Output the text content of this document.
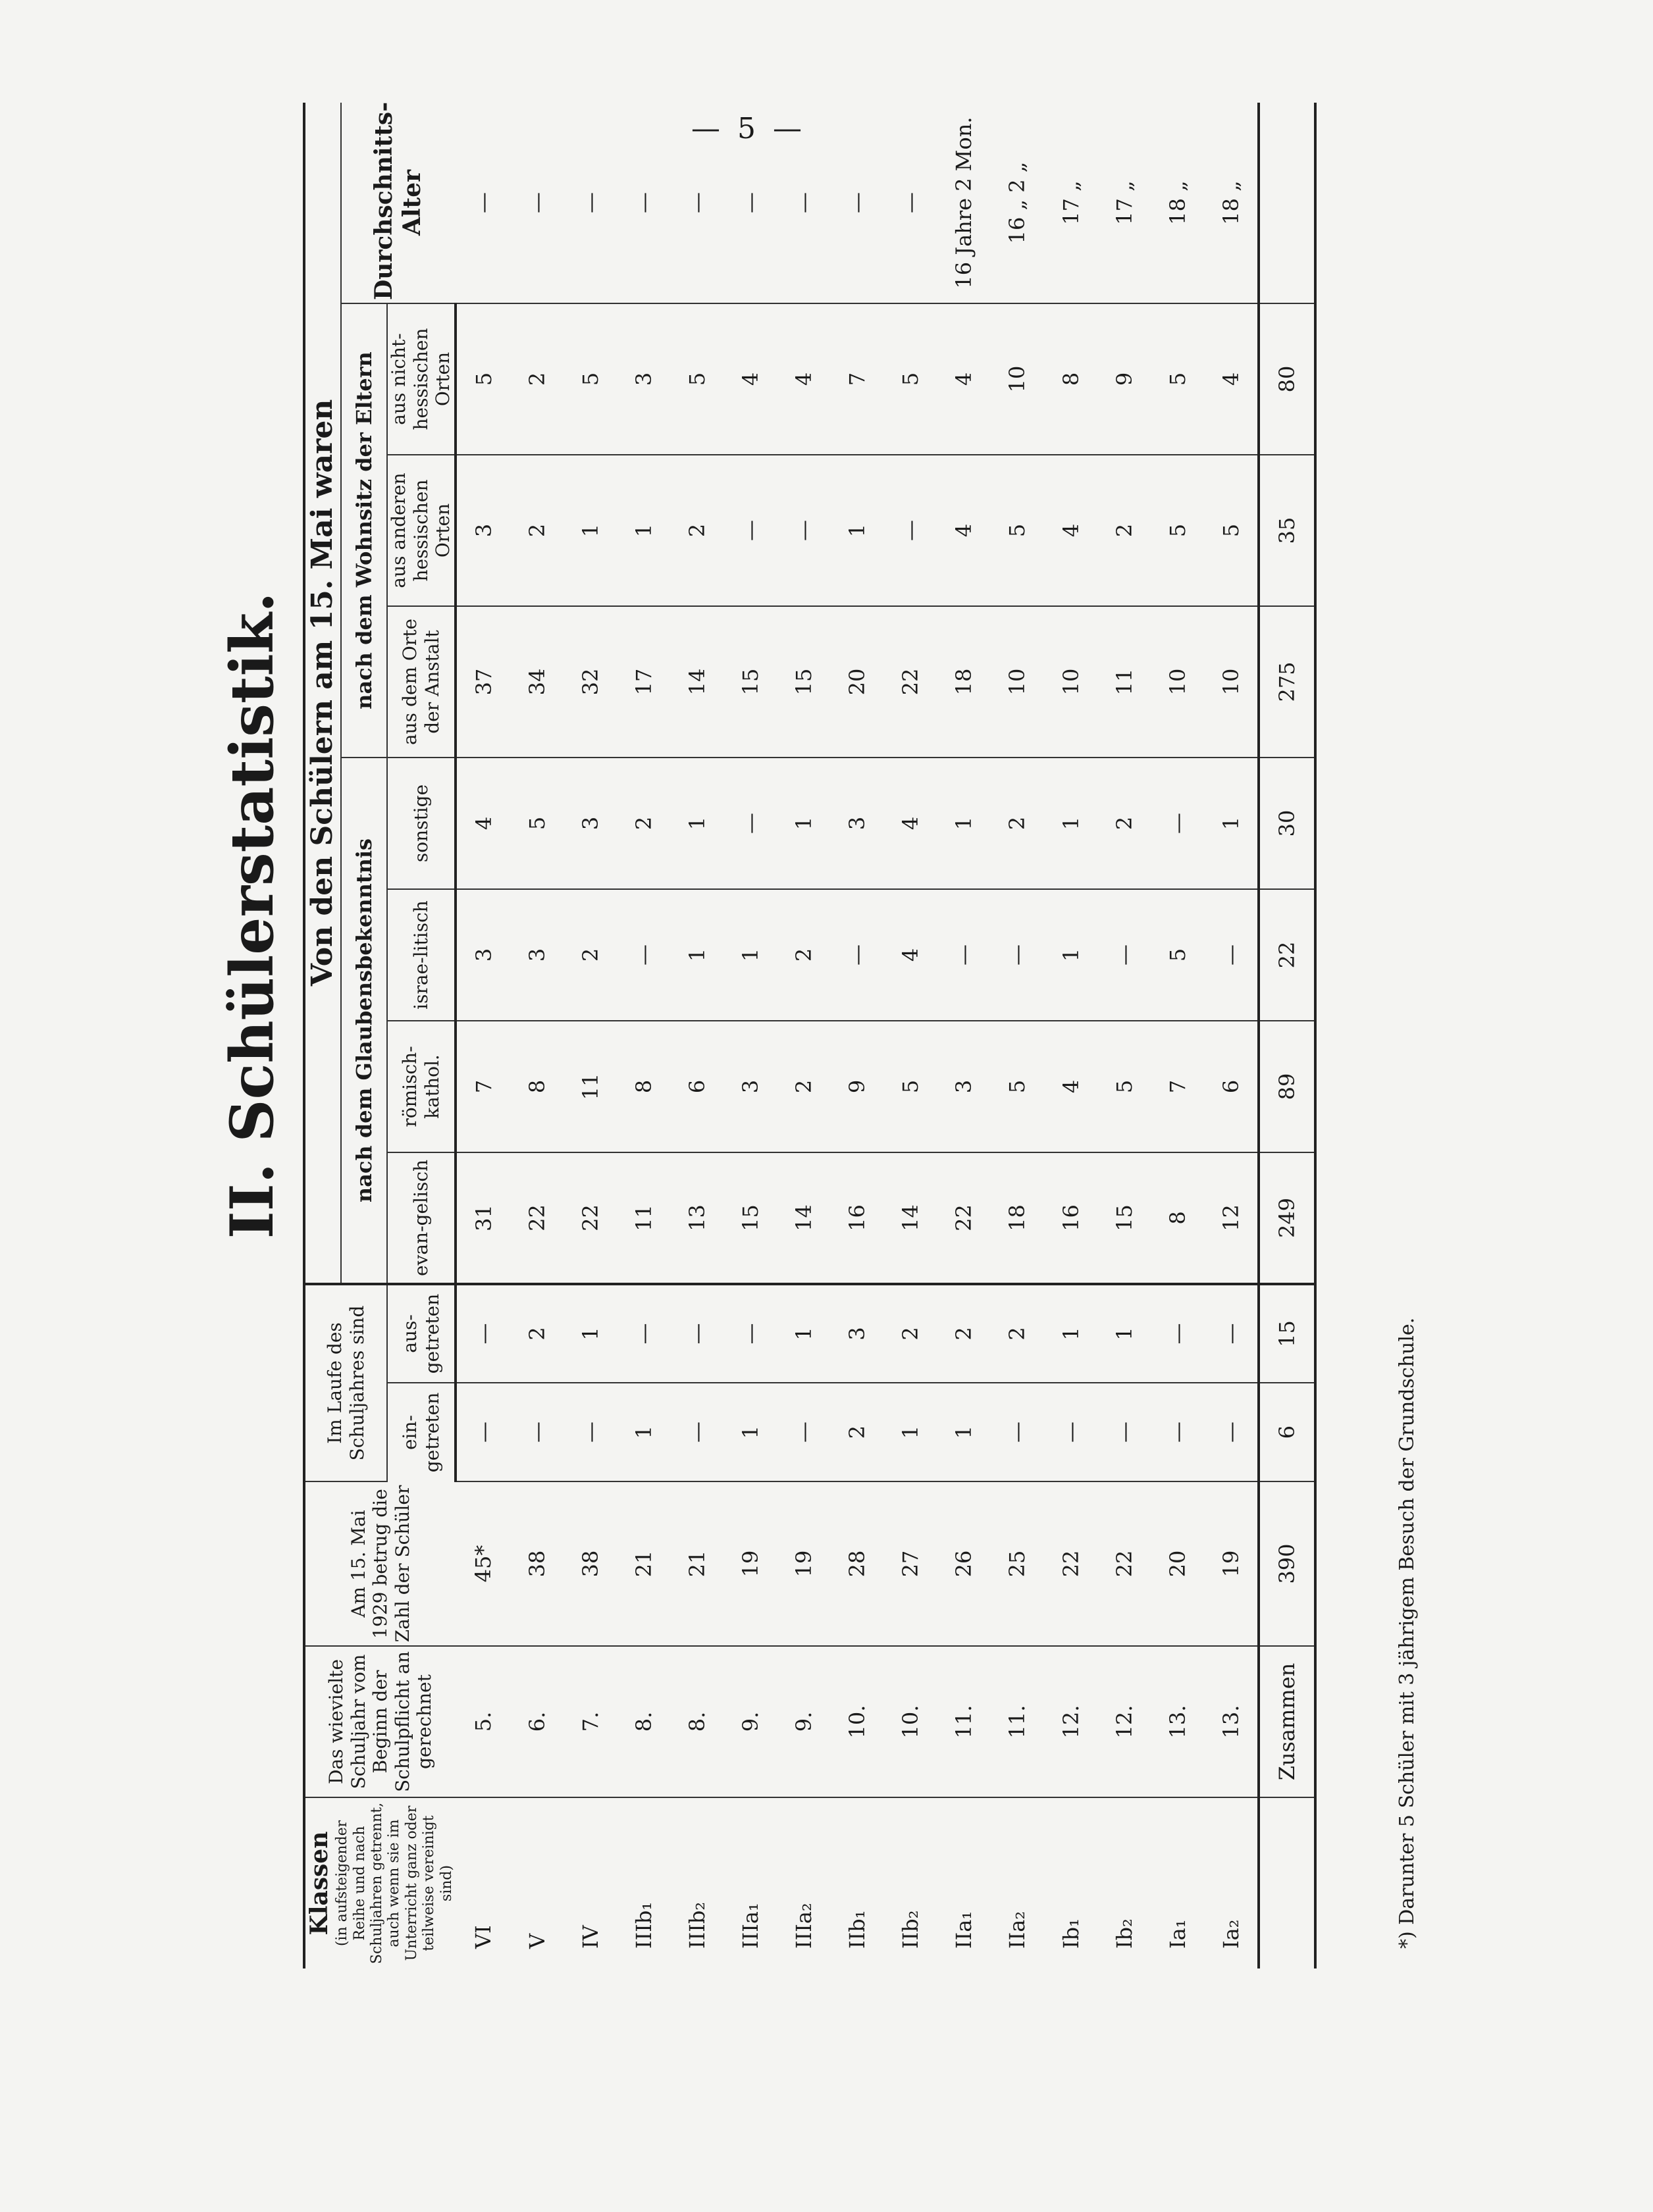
— 5 —
II. Schülerstatistik.
Klassen (in aufsteigender Reihe und nach Schuljahren getrennt, auch wenn sie im Unterricht ganz oder teilweise vereinigt sind)	Das wievielte Schuljahr vom Beginn der Schulpflicht an gerechnet	Am 15. Mai 1929 betrug die Zahl der Schüler	Im Laufe des Schuljahres sind		Von den Schülern am 15. Mai waren							
					nach dem Glaubensbekenntnis				nach dem Wohnsitz der Eltern			Durchschnitts-Alter
			ein-getreten	aus-getreten	evan-gelisch	römisch-kathol.	israe-litisch	sonstige	aus dem Orte der Anstalt	aus anderen hessischen Orten	aus nicht-hessischen Orten	
VI	5.	45*	—	—	31	7	3	4	37	3	5	—
V	6.	38	—	2	22	8	3	5	34	2	2	—
IV	7.	38	—	1	22	11	2	3	32	1	5	—
IIIb₁	8.	21	1	—	11	8	—	2	17	1	3	—
IIIb₂	8.	21	—	—	13	6	1	1	14	2	5	—
IIIa₁	9.	19	1	—	15	3	1	—	15	—	4	—
IIIa₂	9.	19	—	1	14	2	2	1	15	—	4	—
IIb₁	10.	28	2	3	16	9	—	3	20	1	7	—
IIb₂	10.	27	1	2	14	5	4	4	22	—	5	—
IIa₁	11.	26	1	2	22	3	—	1	18	4	4	16 Jahre 2 Mon.
IIa₂	11.	25	—	2	18	5	—	2	10	5	10	16 „ 2 „
Ib₁	12.	22	—	1	16	4	1	1	10	4	8	17 „
Ib₂	12.	22	—	1	15	5	—	2	11	2	9	17 „
Ia₁	13.	20	—	—	8	7	5	—	10	5	5	18 „
Ia₂	13.	19	—	—	12	6	—	1	10	5	4	18 „
	Zusammen	390	6	15	249	89	22	30	275	35	80	
*) Darunter 5 Schüler mit 3 jährigem Besuch der Grundschule.
